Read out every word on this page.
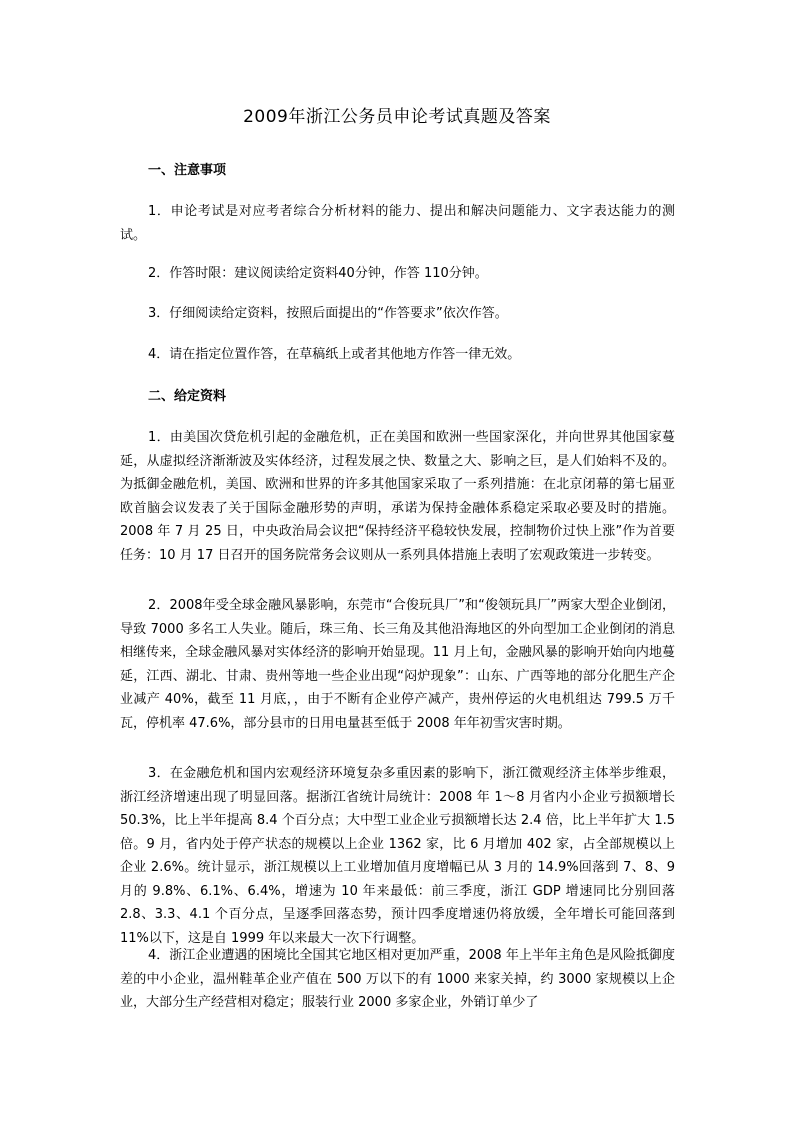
2009年浙江公务员申论考试真题及答案
一、注意事项

1．申论考试是对应考者综合分析材料的能力、提出和解决问题能力、文字表达能力的测试。

2．作答时限：建议阅读给定资料40分钟，作答 110分钟。

3．仔细阅读给定资料，按照后面提出的“作答要求”依次作答。

4．请在指定位置作答，在草稿纸上或者其他地方作答一律无效。

二、给定资料

1．由美国次贷危机引起的金融危机，正在美国和欧洲一些国家深化，并向世界其他国家蔓延，从虚拟经济渐渐波及实体经济，过程发展之快、数量之大、影响之巨，是人们始料不及的。为抵御金融危机，美国、欧洲和世界的许多其他国家采取了一系列措施：在北京闭幕的第七届亚欧首脑会议发表了关于国际金融形势的声明，承诺为保持金融体系稳定采取必要及时的措施。2008 年 7 月 25 日，中央政治局会议把“保持经济平稳较快发展，控制物价过快上涨”作为首要任务：10 月 17 日召开的国务院常务会议则从一系列具体措施上表明了宏观政策进一步转变。

2．2008年受全球金融风暴影响，东莞市“合俊玩具厂”和“俊领玩具厂”两家大型企业倒闭，导致 7000 多名工人失业。随后，珠三角、长三角及其他沿海地区的外向型加工企业倒闭的消息相继传来，全球金融风暴对实体经济的影响开始显现。11 月上旬，金融风暴的影响开始向内地蔓延，江西、湖北、甘肃、贵州等地一些企业出现“闷炉现象”：山东、广西等地的部分化肥生产企业减产 40%，截至 11 月底，，由于不断有企业停产减产，贵州停运的火电机组达 799.5 万千瓦，停机率 47.6%，部分县市的日用电量甚至低于 2008 年年初雪灾害时期。

3．在金融危机和国内宏观经济环境复杂多重因素的影响下，浙江微观经济主体举步维艰，浙江经济增速出现了明显回落。据浙江省统计局统计：2008 年 1～8 月省内小企业亏损额增长 50.3%，比上半年提高 8.4 个百分点；大中型工业企业亏损额增长达 2.4 倍，比上半年扩大 1.5 倍。9 月，省内处于停产状态的规模以上企业 1362 家，比 6 月增加 402 家，占全部规模以上企业 2.6%。统计显示，浙江规模以上工业增加值月度增幅已从 3 月的 14.9%回落到 7、8、9 月的 9.8%、6.1%、6.4%，增速为 10 年来最低：前三季度，浙江 GDP 增速同比分别回落 2.8、3.3、4.1 个百分点，呈逐季回落态势，预计四季度增速仍将放缓，全年增长可能回落到 11%以下，这是自 1999 年以来最大一次下行调整。

4．浙江企业遭遇的困境比全国其它地区相对更加严重，2008 年上半年主角色是风险抵御度差的中小企业，温州鞋革企业产值在 500 万以下的有 1000 来家关掉，约 3000 家规模以上企业，大部分生产经营相对稳定；服装行业 2000 多家企业，外销订单少了
